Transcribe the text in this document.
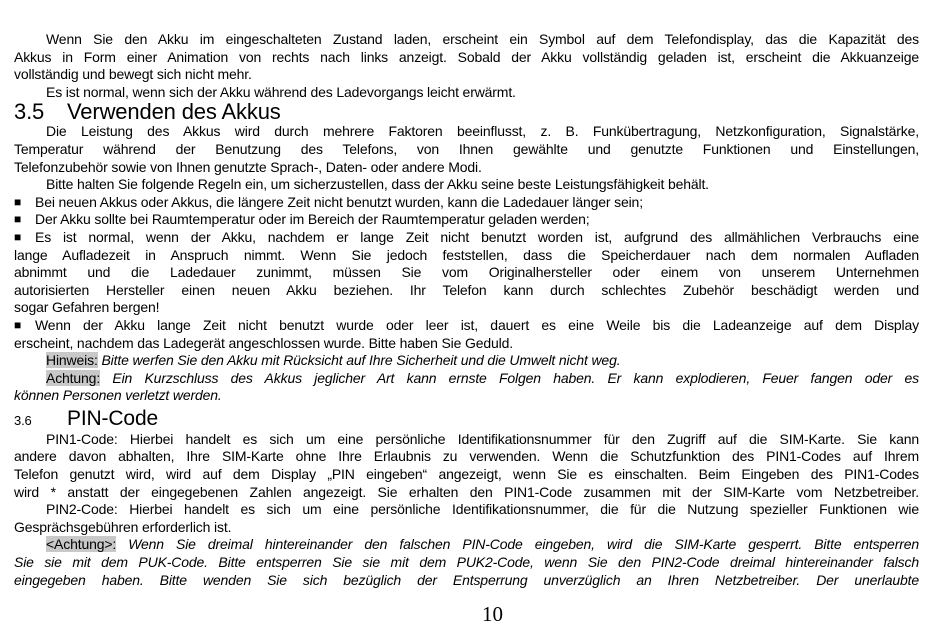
Wenn Sie den Akku im eingeschalteten Zustand laden, erscheint ein Symbol auf dem Telefondisplay, das die Kapazität des
Akkus in Form einer Animation von rechts nach links anzeigt. Sobald der Akku vollständig geladen ist, erscheint die Akkuanzeige
vollständig und bewegt sich nicht mehr.
Es ist normal, wenn sich der Akku während des Ladevorgangs leicht erwärmt.
3.5 Verwenden des Akkus
Die Leistung des Akkus wird durch mehrere Faktoren beeinflusst, z. B. Funkübertragung, Netzkonfiguration, Signalstärke,
Temperatur während der Benutzung des Telefons, von Ihnen gewählte und genutzte Funktionen und Einstellungen,
Telefonzubehör sowie von Ihnen genutzte Sprach-, Daten- oder andere Modi.
Bitte halten Sie folgende Regeln ein, um sicherzustellen, dass der Akku seine beste Leistungsfähigkeit behält.
■ Bei neuen Akkus oder Akkus, die längere Zeit nicht benutzt wurden, kann die Ladedauer länger sein;
■ Der Akku sollte bei Raumtemperatur oder im Bereich der Raumtemperatur geladen werden;
■ Es ist normal, wenn der Akku, nachdem er lange Zeit nicht benutzt worden ist, aufgrund des allmählichen Verbrauchs eine
lange Aufladezeit in Anspruch nimmt. Wenn Sie jedoch feststellen, dass die Speicherdauer nach dem normalen Aufladen
abnimmt und die Ladedauer zunimmt, müssen Sie vom Originalhersteller oder einem von unserem Unternehmen
autorisierten Hersteller einen neuen Akku beziehen. Ihr Telefon kann durch schlechtes Zubehör beschädigt werden und
sogar Gefahren bergen!
■ Wenn der Akku lange Zeit nicht benutzt wurde oder leer ist, dauert es eine Weile bis die Ladeanzeige auf dem Display
erscheint, nachdem das Ladegerät angeschlossen wurde. Bitte haben Sie Geduld.
Hinweis: Bitte werfen Sie den Akku mit Rücksicht auf Ihre Sicherheit und die Umwelt nicht weg.
Achtung: Ein Kurzschluss des Akkus jeglicher Art kann ernste Folgen haben. Er kann explodieren, Feuer fangen oder es
können Personen verletzt werden.
3.6 PIN-Code
PIN1-Code: Hierbei handelt es sich um eine persönliche Identifikationsnummer für den Zugriff auf die SIM-Karte. Sie kann
andere davon abhalten, Ihre SIM-Karte ohne Ihre Erlaubnis zu verwenden. Wenn die Schutzfunktion des PIN1-Codes auf Ihrem
Telefon genutzt wird, wird auf dem Display „PIN eingeben“ angezeigt, wenn Sie es einschalten. Beim Eingeben des PIN1-Codes
wird * anstatt der eingegebenen Zahlen angezeigt. Sie erhalten den PIN1-Code zusammen mit der SIM-Karte vom Netzbetreiber.
PIN2-Code: Hierbei handelt es sich um eine persönliche Identifikationsnummer, die für die Nutzung spezieller Funktionen wie
Gesprächsgebühren erforderlich ist.
<Achtung>: Wenn Sie dreimal hintereinander den falschen PIN-Code eingeben, wird die SIM-Karte gesperrt. Bitte entsperren
Sie sie mit dem PUK-Code. Bitte entsperren Sie sie mit dem PUK2-Code, wenn Sie den PIN2-Code dreimal hintereinander falsch
eingegeben haben. Bitte wenden Sie sich bezüglich der Entsperrung unverzüglich an Ihren Netzbetreiber. Der unerlaubte
10
